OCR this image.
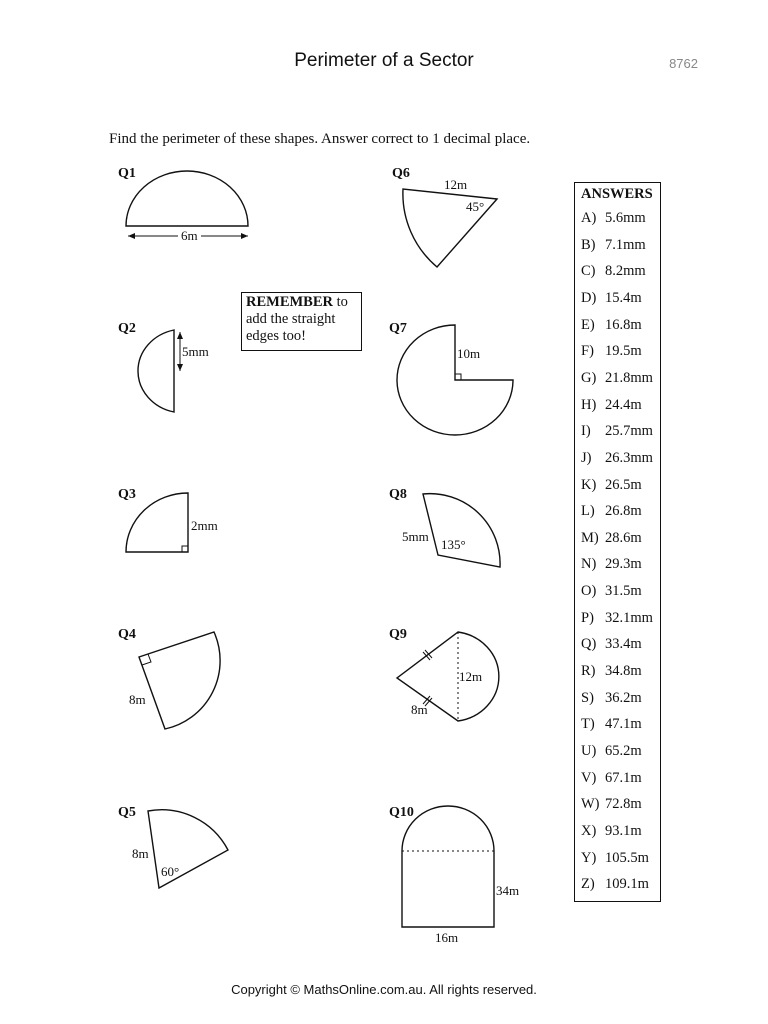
Perimeter of a Sector	8762
Find the perimeter of these shapes. Answer correct to 1 decimal place.
Q1
6m
Q2
5mm
Q3
2mm
Q4
8m
Q5
8m
60°
Q6
12m
45°
Q7
10m
Q8
5mm
135°
Q9
12m
8m
Q10
34m
16m
REMEMBER to add the straight edges too!
ANSWERS
A) 5.6mm
B) 7.1mm
C) 8.2mm
D) 15.4m
E) 16.8m
F) 19.5m
G) 21.8mm
H) 24.4m
I) 25.7mm
J) 26.3mm
K) 26.5m
L) 26.8m
M) 28.6m
N) 29.3m
O) 31.5m
P) 32.1mm
Q) 33.4m
R) 34.8m
S) 36.2m
T) 47.1m
U) 65.2m
V) 67.1m
W) 72.8m
X) 93.1m
Y) 105.5m
Z) 109.1m
Copyright © MathsOnline.com.au. All rights reserved.
